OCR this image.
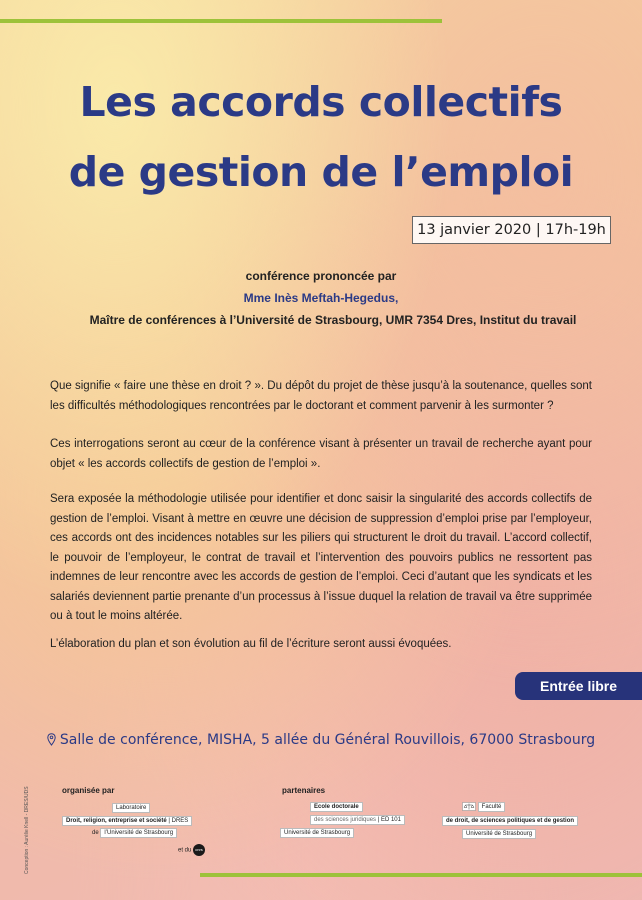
Les accords collectifs
de gestion de l’emploi
13 janvier 2020 | 17h-19h
conférence prononcée par
Mme Inès Meftah-Hegedus,
Maître de conférences à l’Université de Strasbourg, UMR 7354 Dres, Institut du travail

Que signifie « faire une thèse en droit ? ». Du dépôt du projet de thèse jusqu’à la soutenance, quelles sont les difficultés méthodologiques rencontrées par le doctorant et comment parvenir à les surmonter ?

Ces interrogations seront au cœur de la conférence visant à présenter un travail de recherche ayant pour objet « les accords collectifs de gestion de l’emploi ».

Sera exposée la méthodologie utilisée pour identifier et donc saisir la singularité des accords collectifs de gestion de l’emploi. Visant à mettre en œuvre une décision de suppression d’emploi prise par l’employeur, ces accords ont des incidences notables sur les piliers qui structurent le droit du travail. L’accord collectif, le pouvoir de l’employeur, le contrat de travail et l’intervention des pouvoirs publics ne ressortent pas indemnes de leur rencontre avec les accords de gestion de l’emploi. Ceci d’autant que les syndicats et les salariés deviennent partie prenante d’un processus à l’issue duquel la relation de travail va être supprimée ou à tout le moins altérée.

L’élaboration du plan et son évolution au fil de l’écriture seront aussi évoquées.

Entrée libre
Salle de conférence, MISHA, 5 allée du Général Rouvillois, 67000 Strasbourg
Conception : Aurélie Knell - DRES/UDS	organisée par	partenaires
Laboratoire
Droit, religion, entreprise et société | DRES
de l’Université de Strasbourg
et du cnrs
Ecole doctorale
des sciences juridiques | ED 101
Université de Strasbourg
Faculté
de droit, de sciences politiques et de gestion
Université de Strasbourg
